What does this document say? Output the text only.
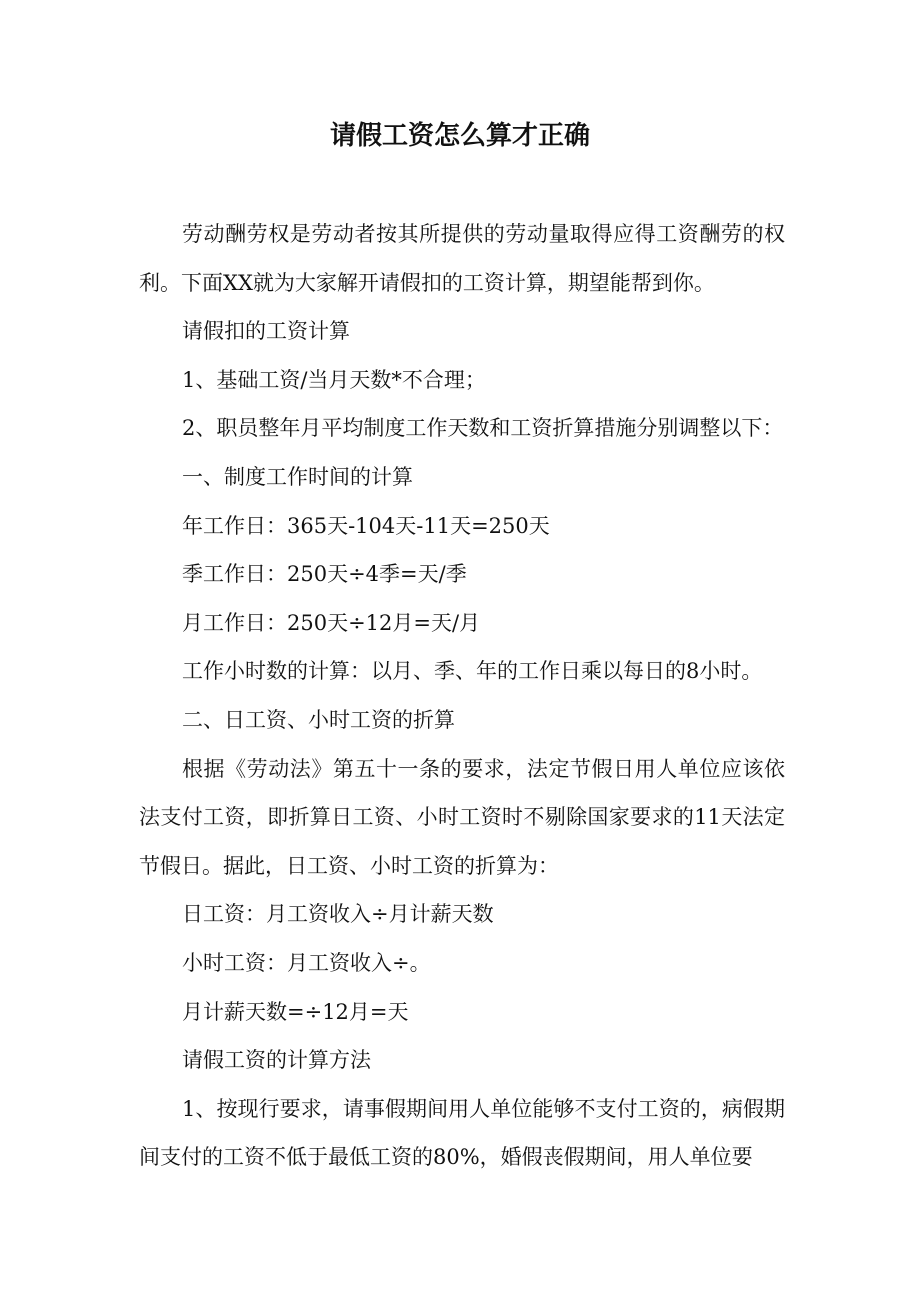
请假工资怎么算才正确

劳动酬劳权是劳动者按其所提供的劳动量取得应得工资酬劳的权利。下面XX就为大家解开请假扣的工资计算，期望能帮到你。

请假扣的工资计算

1、基础工资/当月天数*不合理；

2、职员整年月平均制度工作天数和工资折算措施分别调整以下：

一、制度工作时间的计算

年工作日：365天-104天-11天=250天

季工作日：250天÷4季=天/季

月工作日：250天÷12月=天/月

工作小时数的计算：以月、季、年的工作日乘以每日的8小时。

二、日工资、小时工资的折算

根据《劳动法》第五十一条的要求，法定节假日用人单位应该依法支付工资，即折算日工资、小时工资时不剔除国家要求的11天法定节假日。据此，日工资、小时工资的折算为：

日工资：月工资收入÷月计薪天数

小时工资：月工资收入÷。

月计薪天数=÷12月=天

请假工资的计算方法

1、按现行要求，请事假期间用人单位能够不支付工资的，病假期间支付的工资不低于最低工资的80%，婚假丧假期间，用人单位要
